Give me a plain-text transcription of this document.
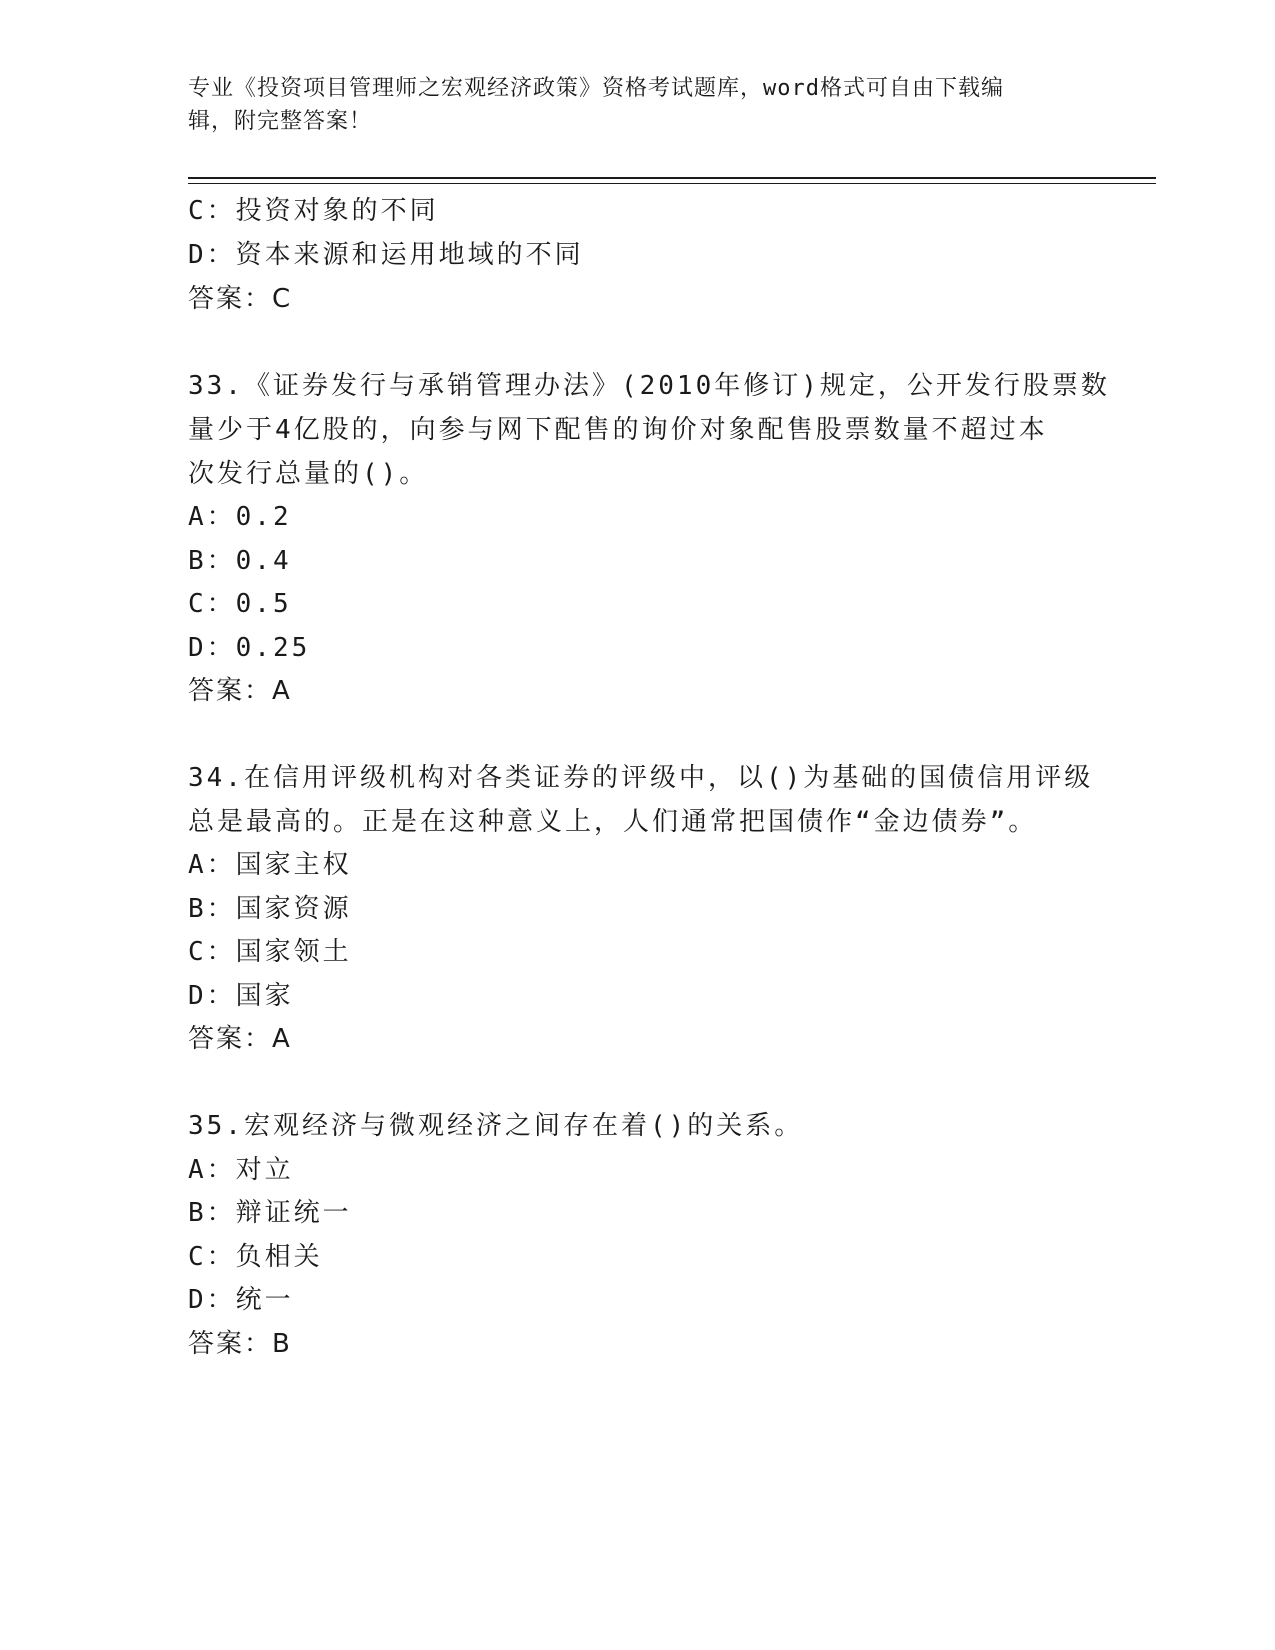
专业《投资项目管理师之宏观经济政策》资格考试题库，word格式可自由下载编
辑，附完整答案！
C：投资对象的不同
D：资本来源和运用地域的不同
答案：C
33.《证券发行与承销管理办法》(2010年修订)规定，公开发行股票数
量少于4亿股的，向参与网下配售的询价对象配售股票数量不超过本
次发行总量的()。
A：0.2
B：0.4
C：0.5
D：0.25
答案：A
34.在信用评级机构对各类证券的评级中，以()为基础的国债信用评级
总是最高的。正是在这种意义上，人们通常把国债作“金边债券”。
A：国家主权
B：国家资源
C：国家领土
D：国家
答案：A
35.宏观经济与微观经济之间存在着()的关系。
A：对立
B：辩证统一
C：负相关
D：统一
答案：B
